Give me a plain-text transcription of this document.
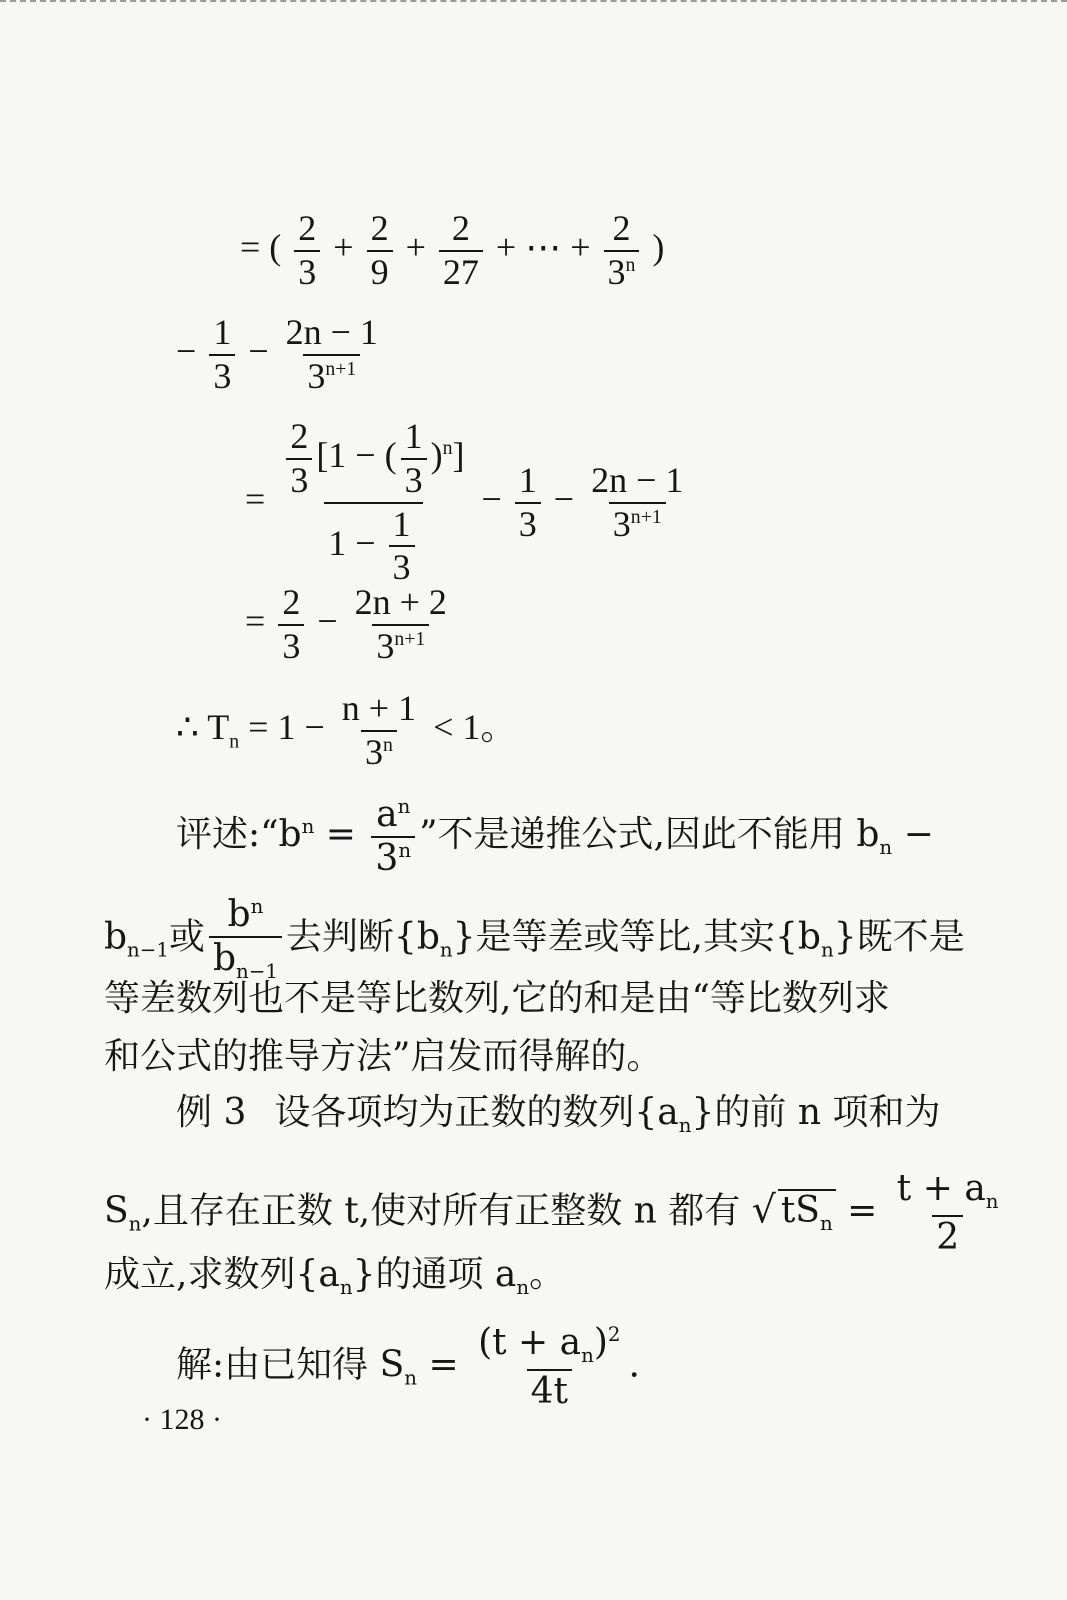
= ( $\frac{2}{3} + \frac{2}{9} + \frac{2}{27}$ + ⋯ + $\frac{2}{3^n}$ )
− $\frac{1}{3} - \frac{2n - 1}{3^{n+1}}$
= $\frac{\frac{2}{3} [1 - ( \frac{1}{3} )^n]}{1 - \frac{1}{3}} - \frac{1}{3} - \frac{2n - 1}{3^{n+1}}$
= $\frac{2}{3} - \frac{2n + 2}{3^{n+1}}$
∴ $T_n = 1 - \frac{n + 1}{3^n} < 1$。
评述$:“b^n = \frac{a^n}{3^n}$ ”不是递推公式,因此不能用 $b_n$ −
$b_{n-1}$或 $\frac{b^n}{b_{n-1}}$ 去判断$\{b_n\}$是等差或等比,其实$\{b_n\}$既不是
等差数列也不是等比数列,它的和是由“等比数列求
和公式的推导方法”启发而得解的。
例 3 设各项均为正数的数列$\{a_n\}$的前 n 项和为
$S_n$,且存在正数 t,使对所有正整数 n 都有 √ $tS_n = \frac{t + a_n}{2}$
成立,求数列$\{a_n\}$的通项 $a_n$。
解:由已知得 $S_n = \frac{(t + a_n)^2}{4t}$ .
· 128 ·
